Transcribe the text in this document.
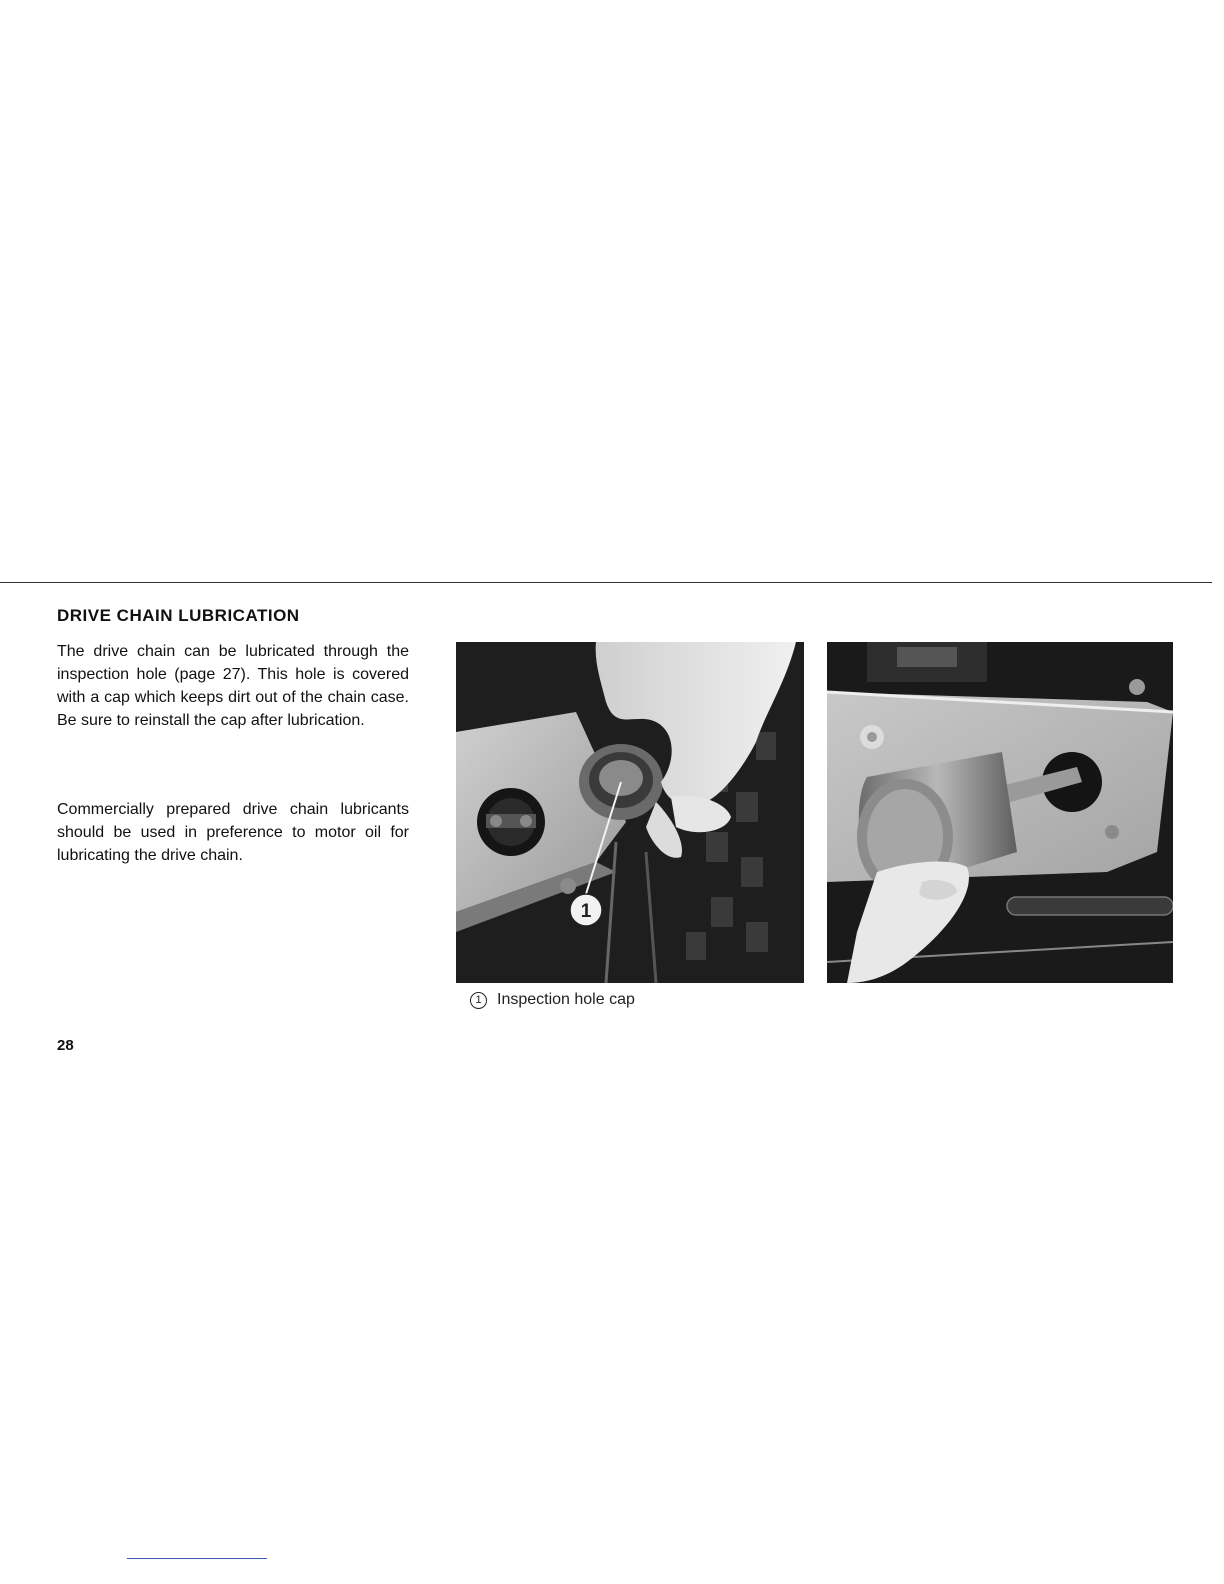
DRIVE CHAIN LUBRICATION

The drive chain can be lubricated through the inspection hole (page 27). This hole is covered with a cap which keeps dirt out of the chain case. Be sure to reinstall the cap after lubrication.

Commercially prepared drive chain lubricants should be used in preference to motor oil for lubricating the drive chain.

1
1 Inspection hole cap
28
